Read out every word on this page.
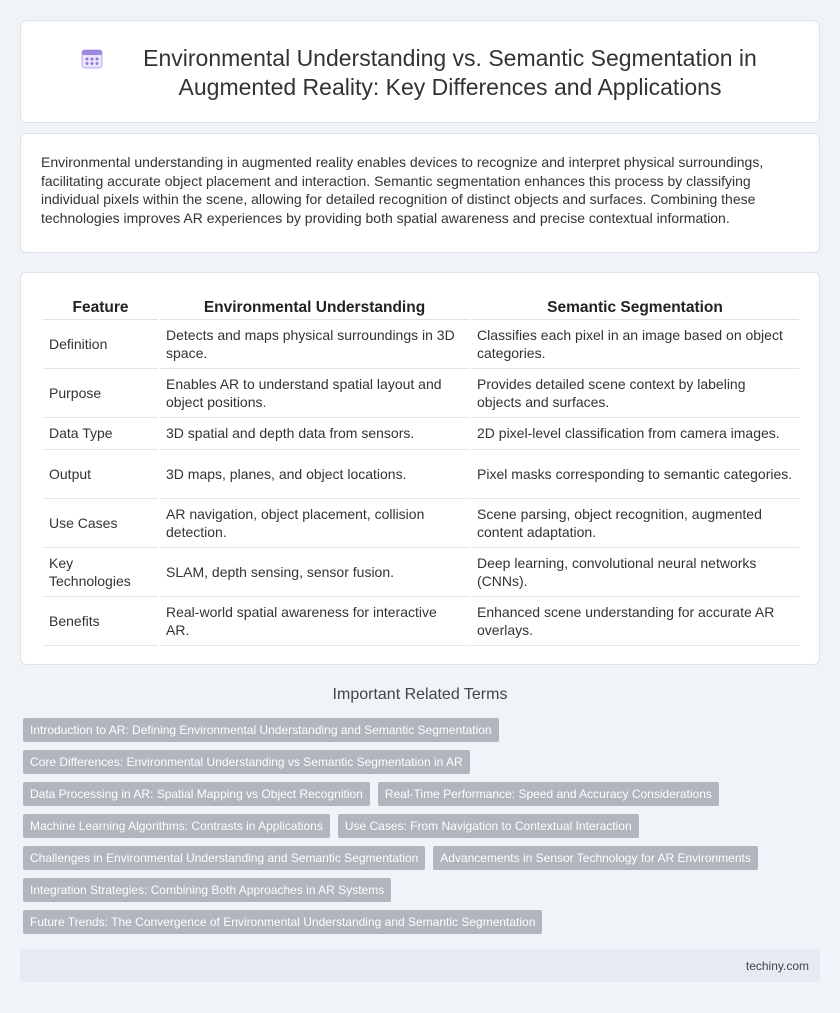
Environmental Understanding vs. Semantic Segmentation in Augmented Reality: Key Differences and Applications

Environmental understanding in augmented reality enables devices to recognize and interpret physical surroundings, facilitating accurate object placement and interaction. Semantic segmentation enhances this process by classifying individual pixels within the scene, allowing for detailed recognition of distinct objects and surfaces. Combining these technologies improves AR experiences by providing both spatial awareness and precise contextual information.

Feature	Environmental Understanding	Semantic Segmentation
Definition	Detects and maps physical surroundings in 3D space.	Classifies each pixel in an image based on object categories.
Purpose	Enables AR to understand spatial layout and object positions.	Provides detailed scene context by labeling objects and surfaces.
Data Type	3D spatial and depth data from sensors.	2D pixel-level classification from camera images.
Output	3D maps, planes, and object locations.	Pixel masks corresponding to semantic categories.
Use Cases	AR navigation, object placement, collision detection.	Scene parsing, object recognition, augmented content adaptation.
Key Technologies	SLAM, depth sensing, sensor fusion.	Deep learning, convolutional neural networks (CNNs).
Benefits	Real-world spatial awareness for interactive AR.	Enhanced scene understanding for accurate AR overlays.
Important Related Terms
Introduction to AR: Defining Environmental Understanding and Semantic Segmentation
Core Differences: Environmental Understanding vs Semantic Segmentation in AR
Data Processing in AR: Spatial Mapping vs Object Recognition	Real-Time Performance: Speed and Accuracy Considerations
Machine Learning Algorithms: Contrasts in Applications	Use Cases: From Navigation to Contextual Interaction
Challenges in Environmental Understanding and Semantic Segmentation	Advancements in Sensor Technology for AR Environments
Integration Strategies: Combining Both Approaches in AR Systems
Future Trends: The Convergence of Environmental Understanding and Semantic Segmentation
techiny.com
